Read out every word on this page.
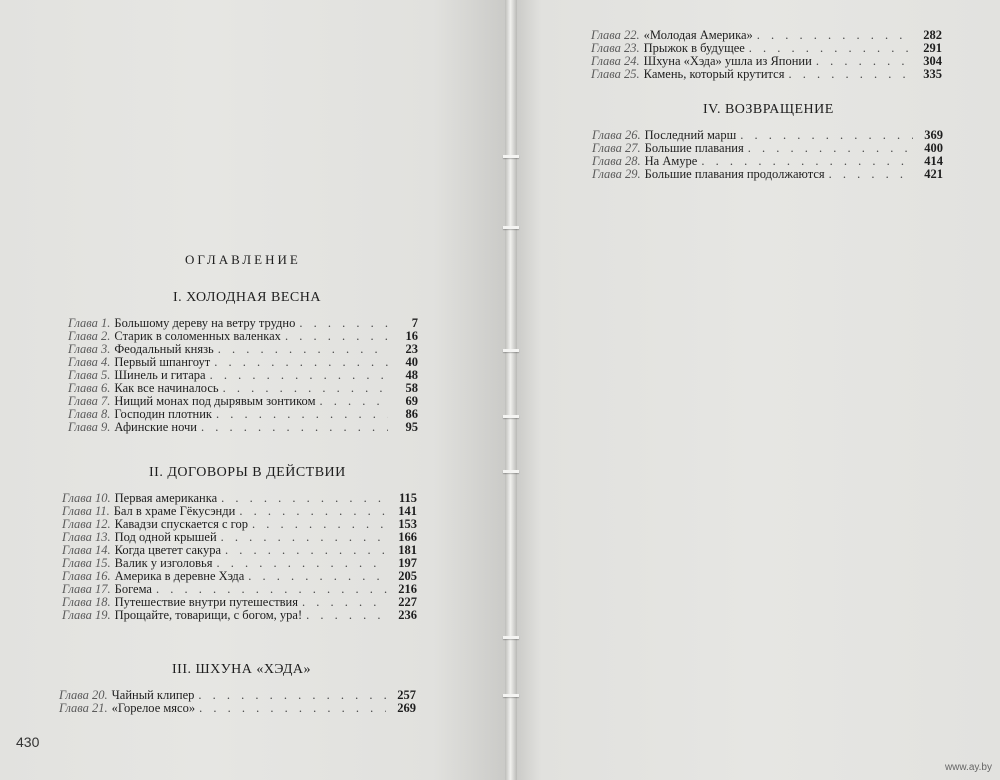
ОГЛАВЛЕНИЕ
I. ХОЛОДНАЯ ВЕСНА
Глава 1. Большому дереву на ветру трудно . . .	7
Глава 2. Старик в соломенных валенках . . .	16
Глава 3. Феодальный князь . . .	23
Глава 4. Первый шпангоут . . .	40
Глава 5. Шинель и гитара . . .	48
Глава 6. Как все начиналось . . .	58
Глава 7. Нищий монах под дырявым зонтиком . . .	69
Глава 8. Господин плотник . . .	86
Глава 9. Афинские ночи . . .	95
II. ДОГОВОРЫ В ДЕЙСТВИИ
Глава 10. Первая американка . . .	115
Глава 11. Бал в храме Гёкусэнди . . .	141
Глава 12. Кавадзи спускается с гор . . .	153
Глава 13. Под одной крышей . . .	166
Глава 14. Когда цветет сакура . . .	181
Глава 15. Валик у изголовья . . .	197
Глава 16. Америка в деревне Хэда . . .	205
Глава 17. Богема . . .	216
Глава 18. Путешествие внутри путешествия . . .	227
Глава 19. Прощайте, товарищи, с богом, ура! . . .	236
III. ШХУНА «ХЭДА»
Глава 20. Чайный клипер . . .	257
Глава 21. «Горелое мясо» . . .	269
Глава 22. «Молодая Америка» . . .	282
Глава 23. Прыжок в будущее . . .	291
Глава 24. Шхуна «Хэда» ушла из Японии . . .	304
Глава 25. Камень, который крутится . . .	335
IV. ВОЗВРАЩЕНИЕ
Глава 26. Последний марш . . .	369
Глава 27. Большие плавания . . .	400
Глава 28. На Амуре . . .	414
Глава 29. Большие плавания продолжаются . . .	421
430
www.ay.by
